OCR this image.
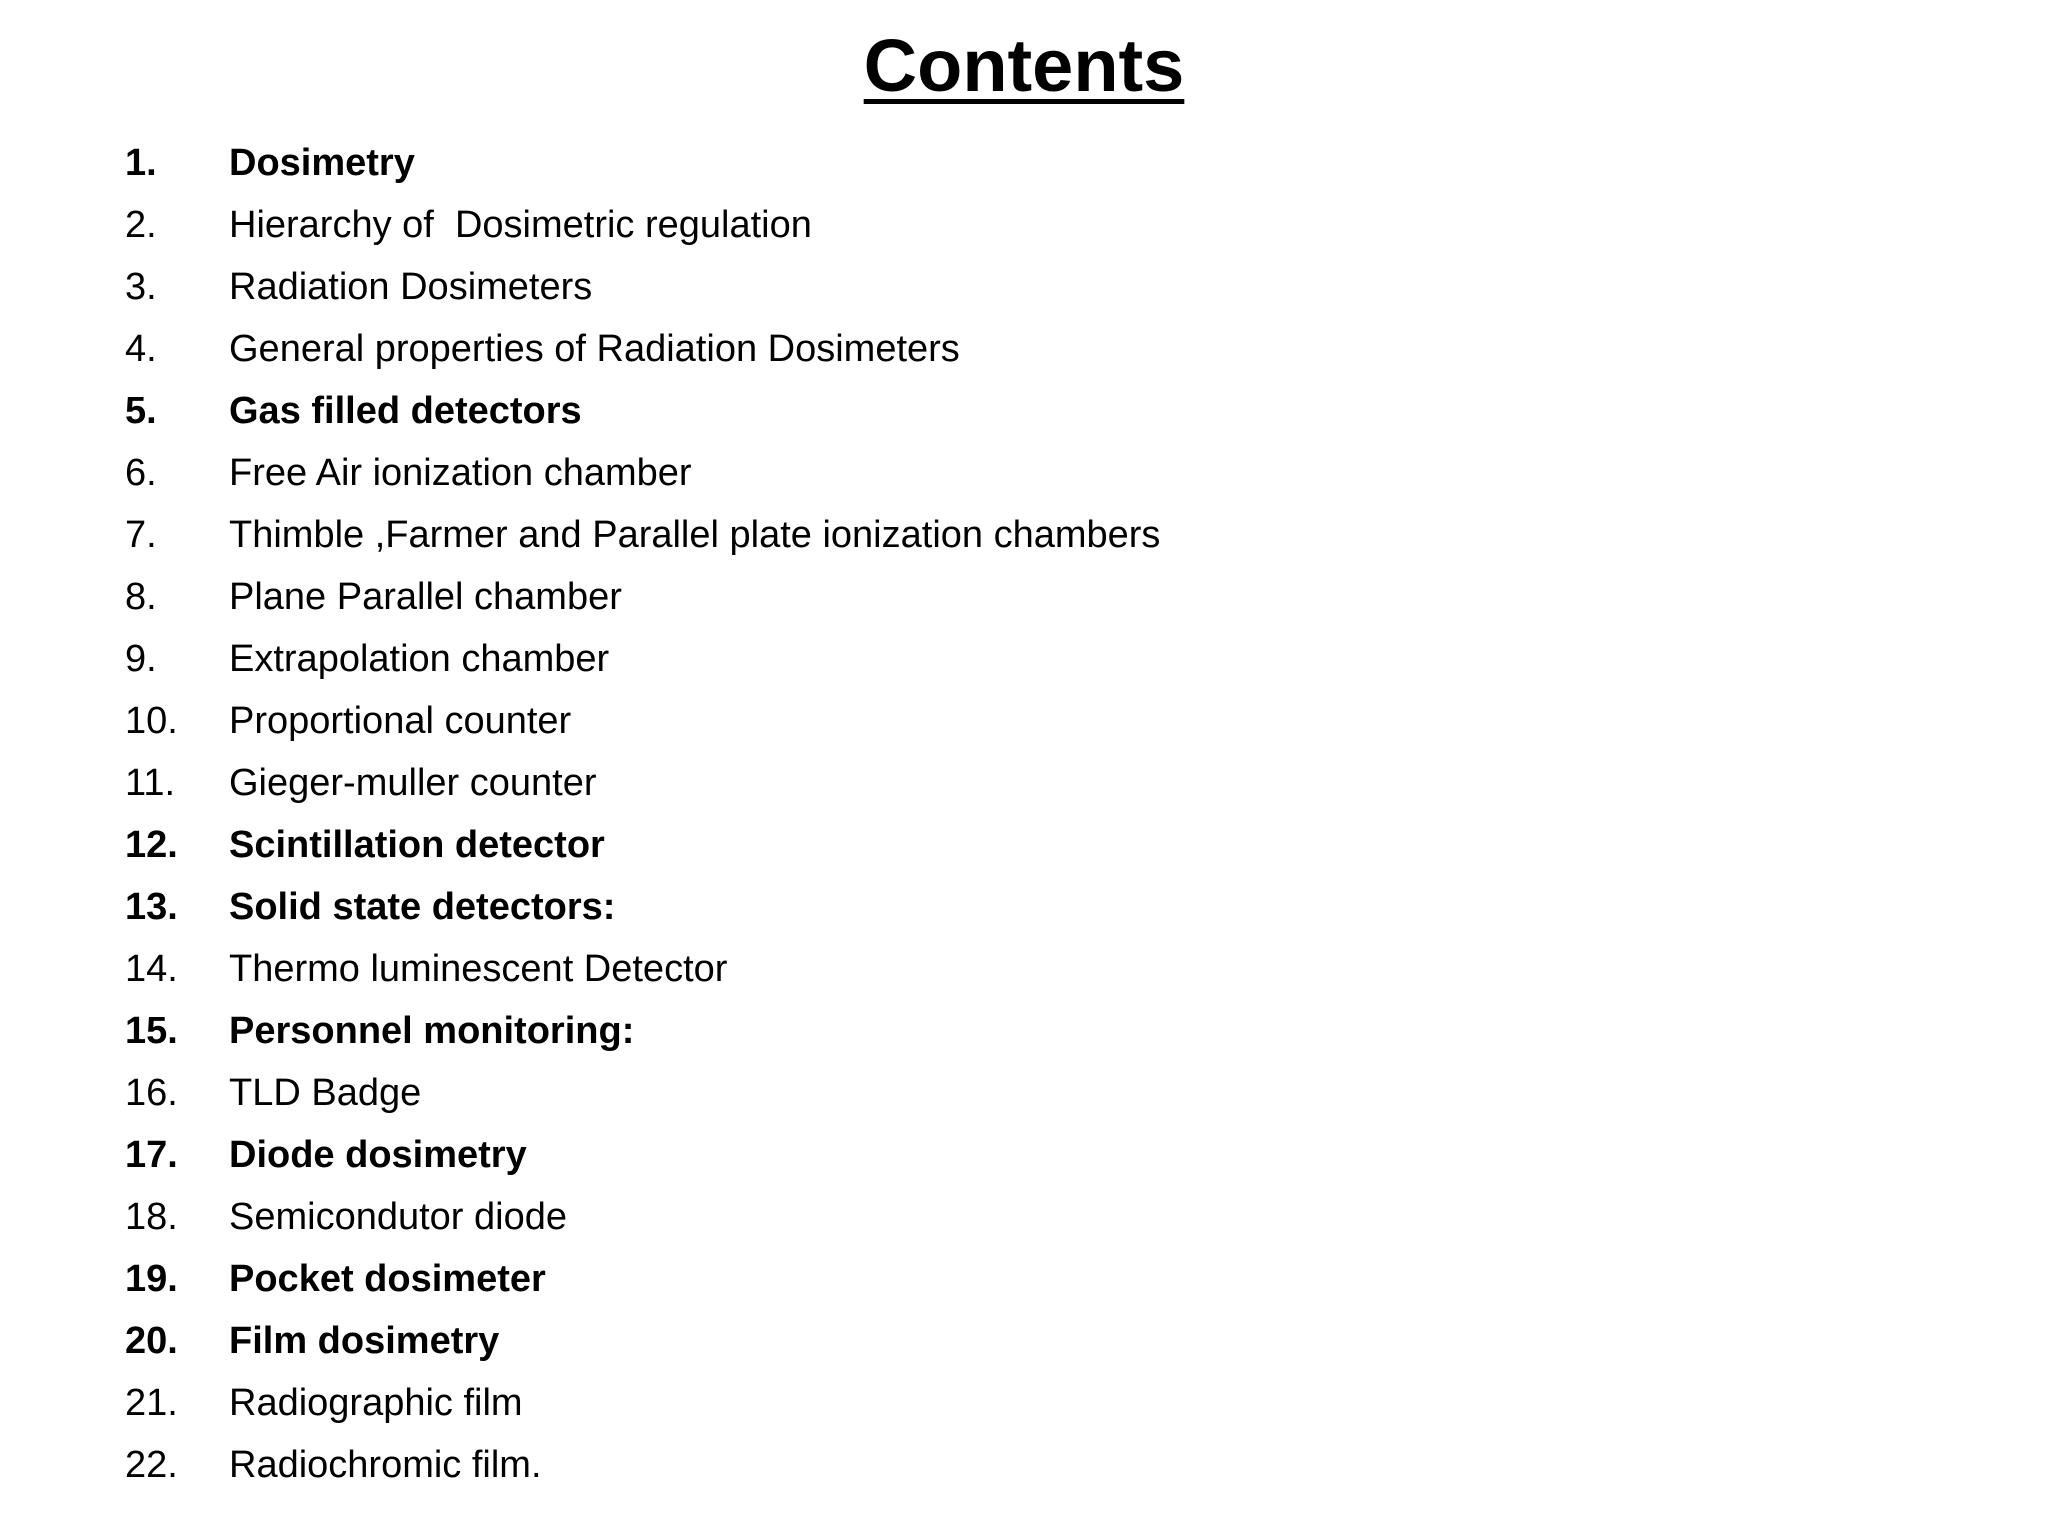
Contents
1.	Dosimetry
2.	Hierarchy of  Dosimetric regulation
3.	Radiation Dosimeters
4.	General properties of Radiation Dosimeters
5.	Gas filled detectors
6.	Free Air ionization chamber
7.	Thimble ,Farmer and Parallel plate ionization chambers
8.	Plane Parallel chamber
9.	Extrapolation chamber
10.	Proportional counter
11.	Gieger-muller counter
12.	Scintillation detector
13.	Solid state detectors:
14.	Thermo luminescent Detector
15.	Personnel monitoring:
16.	TLD Badge
17.	Diode dosimetry
18.	Semicondutor diode
19.	Pocket dosimeter
20.	Film dosimetry
21.	Radiographic film
22.	Radiochromic film.
